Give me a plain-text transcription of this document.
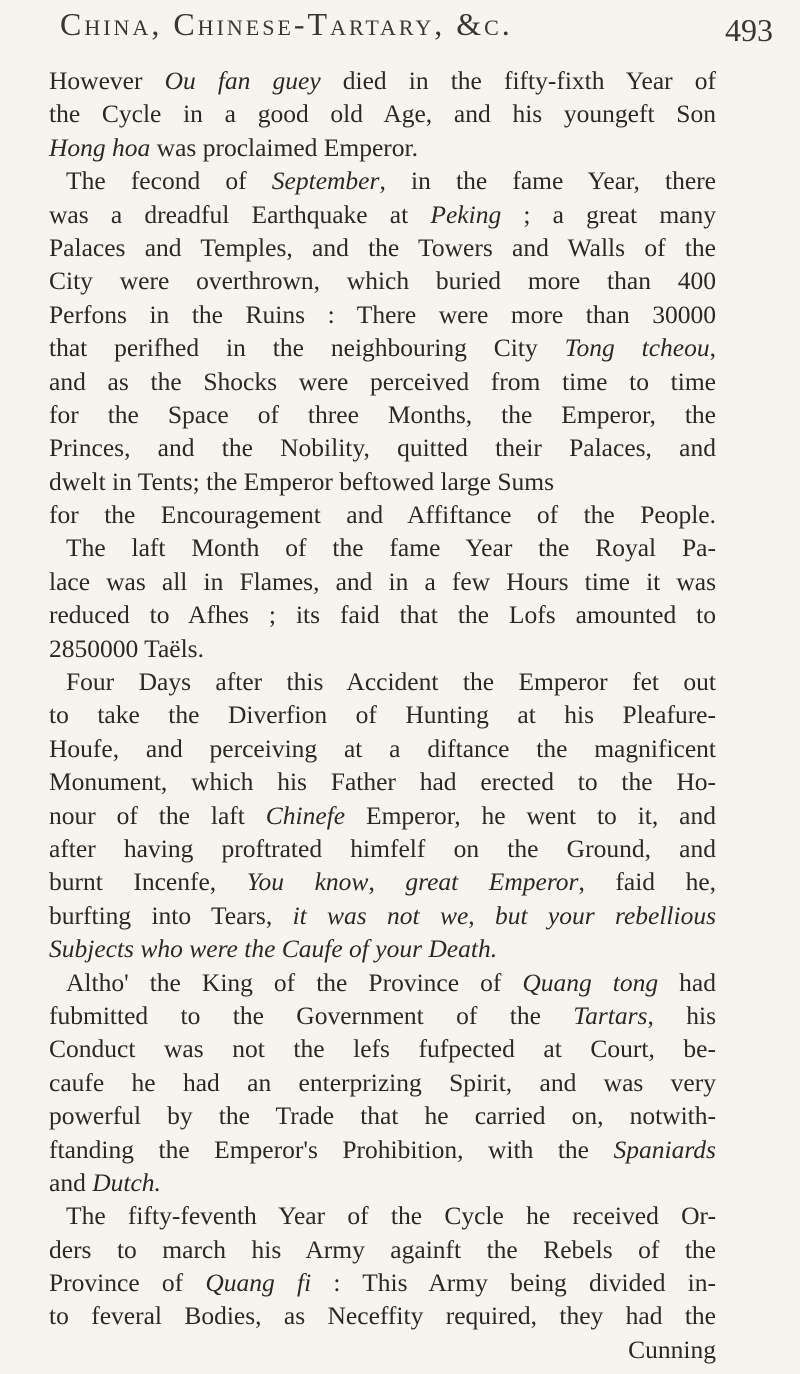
China, Chinese-Tartary, &c.	493
However Ou fan guey died in the fifty-fixth Year of
the Cycle in a good old Age, and his youngeft Son
Hong hoa was proclaimed Emperor.
The fecond of September, in the fame Year, there
was a dreadful Earthquake at Peking ; a great many
Palaces and Temples, and the Towers and Walls of the
City were overthrown, which buried more than 400
Perfons in the Ruins : There were more than 30000
that perifhed in the neighbouring City Tong tcheou,
and as the Shocks were perceived from time to time
for the Space of three Months, the Emperor, the
Princes, and the Nobility, quitted their Palaces, and
dwelt in Tents; the Emperor beftowed large Sums
for the Encouragement and Affiftance of the People.
The laft Month of the fame Year the Royal Pa-
lace was all in Flames, and in a few Hours time it was
reduced to Afhes ; its faid that the Lofs amounted to
2850000 Taëls.
Four Days after this Accident the Emperor fet out
to take the Diverfion of Hunting at his Pleafure-
Houfe, and perceiving at a diftance the magnificent
Monument, which his Father had erected to the Ho-
nour of the laft Chinefe Emperor, he went to it, and
after having proftrated himfelf on the Ground, and
burnt Incenfe, You know, great Emperor, faid he,
burfting into Tears, it was not we, but your rebellious
Subjects who were the Caufe of your Death.
Altho' the King of the Province of Quang tong had
fubmitted to the Government of the Tartars, his
Conduct was not the lefs fufpected at Court, be-
caufe he had an enterprizing Spirit, and was very
powerful by the Trade that he carried on, notwith-
ftanding the Emperor's Prohibition, with the Spaniards
and Dutch.
The fifty-feventh Year of the Cycle he received Or-
ders to march his Army againft the Rebels of the
Province of Quang fi : This Army being divided in-
to feveral Bodies, as Neceffity required, they had the
Cunning
